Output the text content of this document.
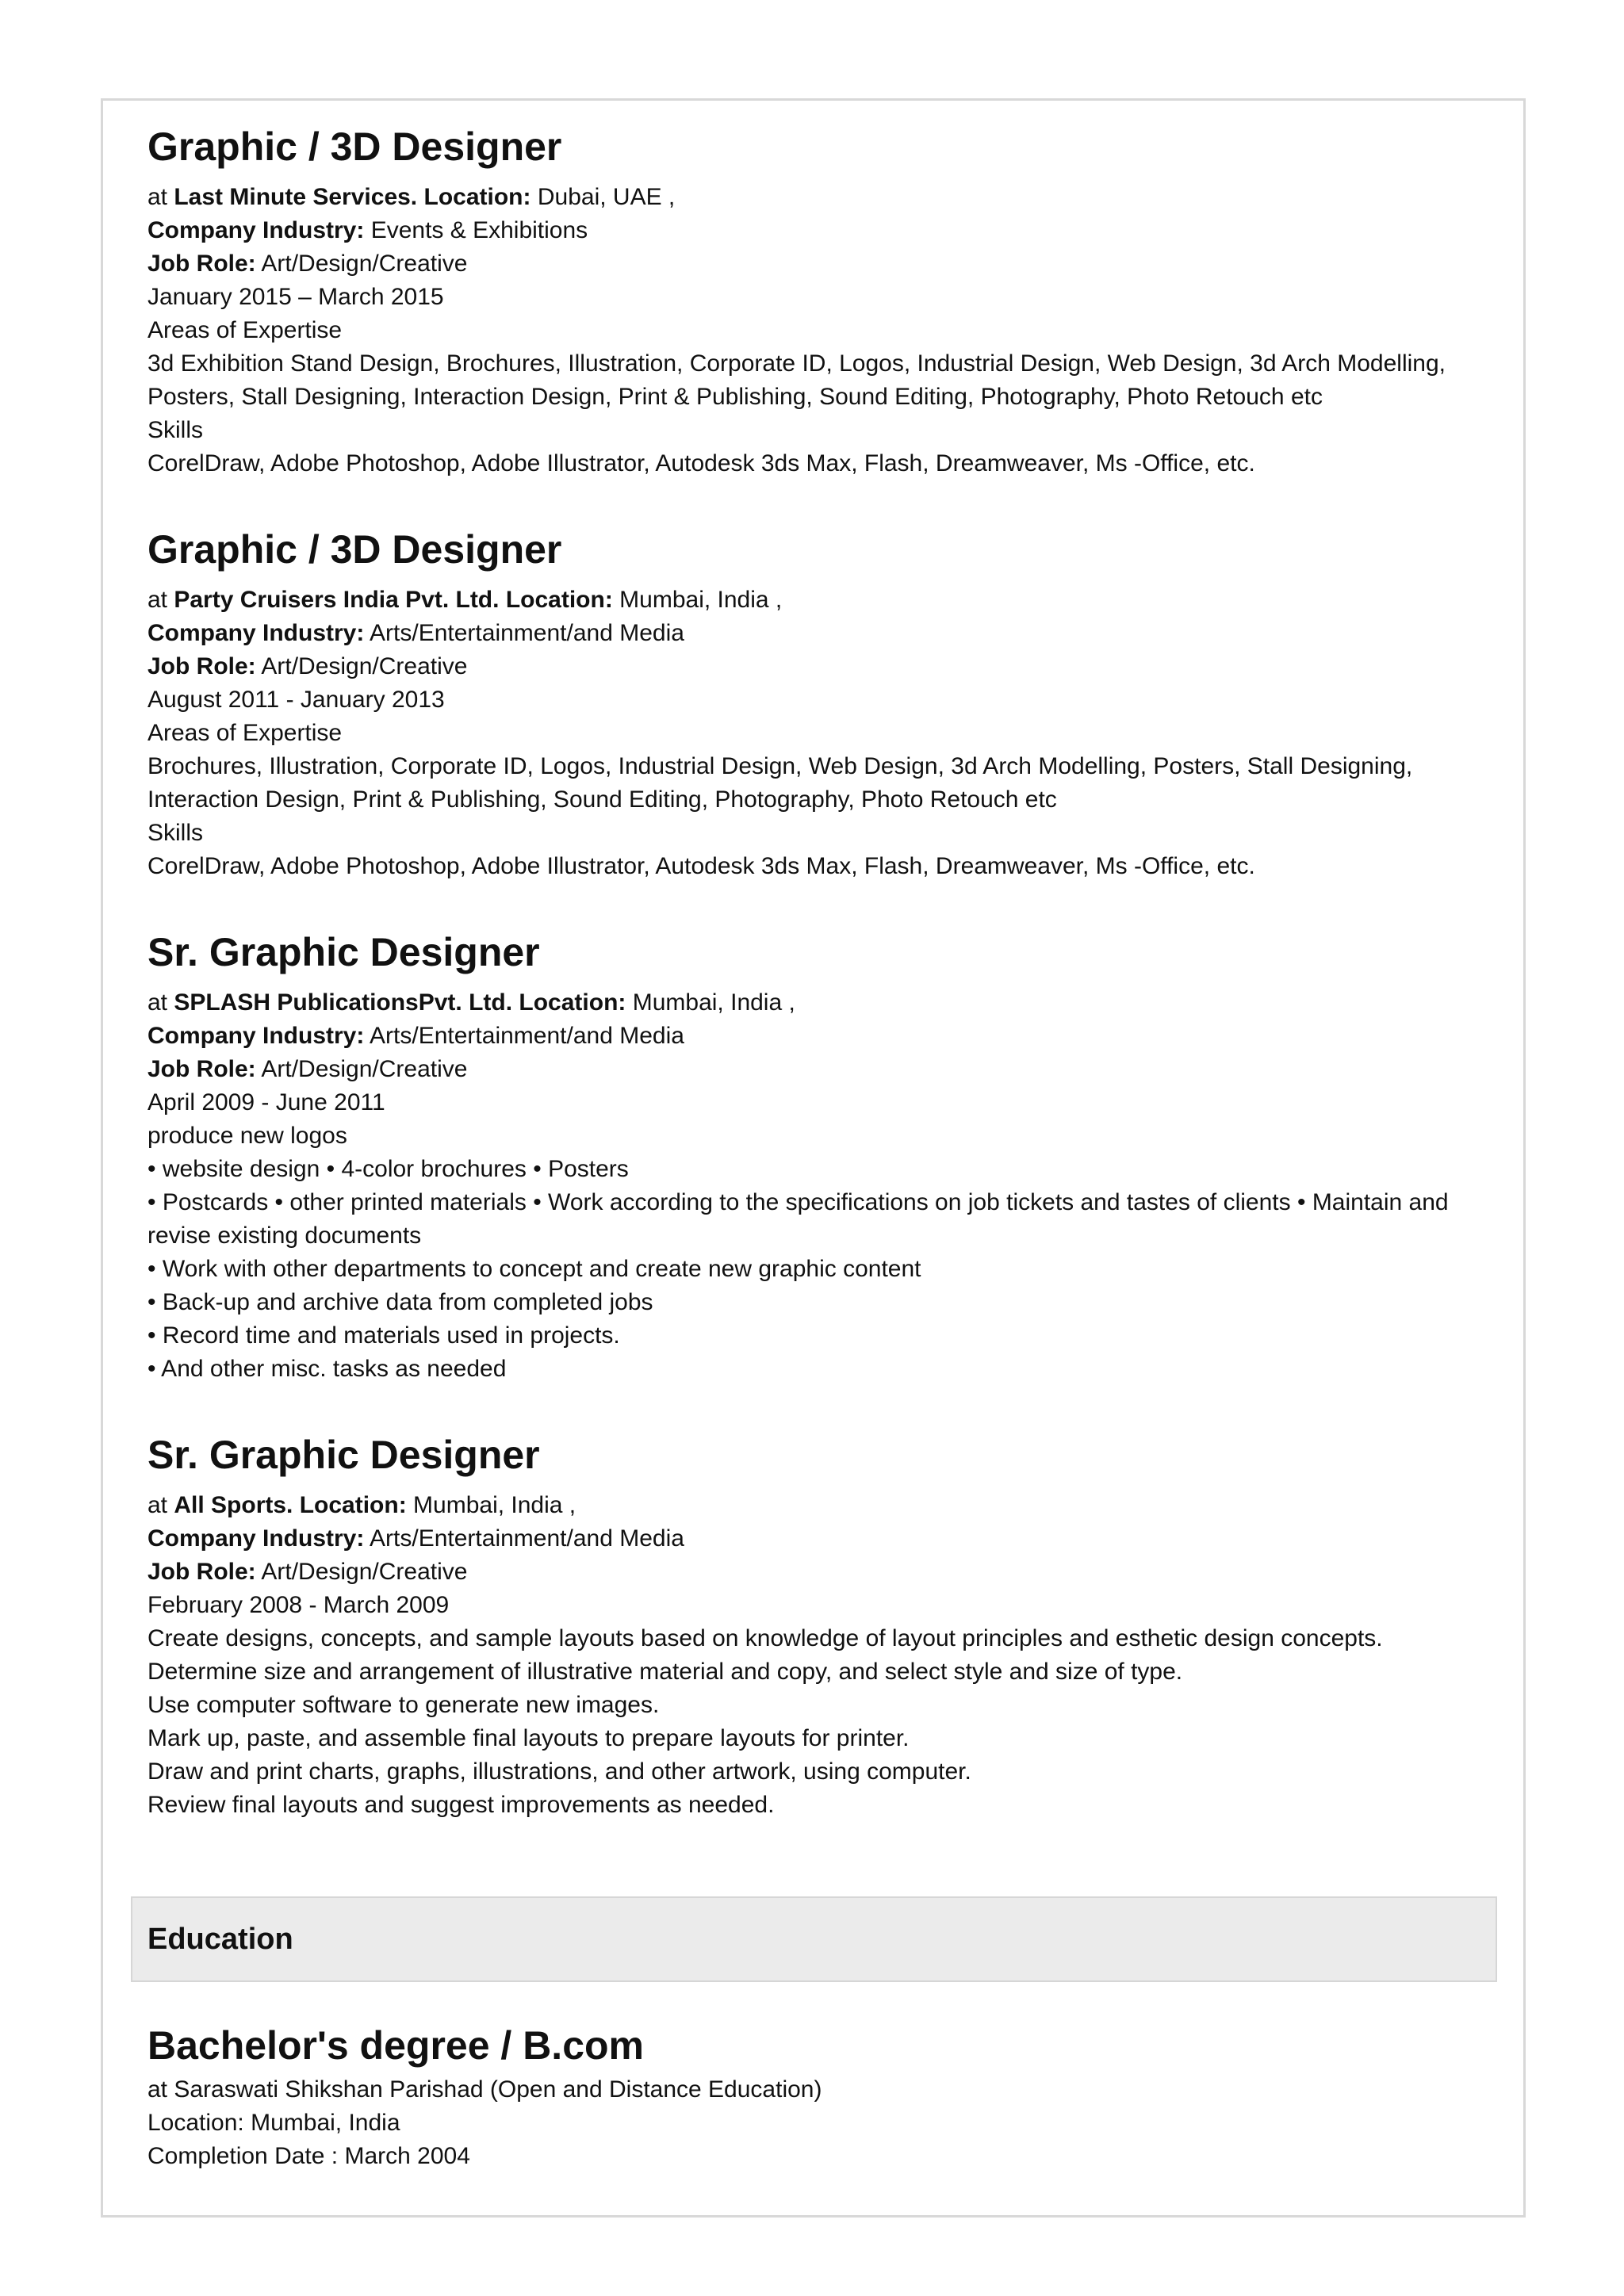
Graphic / 3D Designer

at Last Minute Services. Location: Dubai, UAE ,

Company Industry: Events & Exhibitions

Job Role: Art/Design/Creative

January 2015 – March 2015

Areas of Expertise

3d Exhibition Stand Design, Brochures, Illustration, Corporate ID, Logos, Industrial Design, Web Design, 3d Arch Modelling, Posters, Stall Designing, Interaction Design, Print & Publishing, Sound Editing, Photography, Photo Retouch etc

Skills

CorelDraw, Adobe Photoshop, Adobe Illustrator, Autodesk 3ds Max, Flash, Dreamweaver, Ms -Office, etc.

Graphic / 3D Designer

at Party Cruisers India Pvt. Ltd. Location: Mumbai, India ,

Company Industry: Arts/Entertainment/and Media

Job Role: Art/Design/Creative

August 2011 - January 2013

Areas of Expertise

Brochures, Illustration, Corporate ID, Logos, Industrial Design, Web Design, 3d Arch Modelling, Posters, Stall Designing, Interaction Design, Print & Publishing, Sound Editing, Photography, Photo Retouch etc

Skills

CorelDraw, Adobe Photoshop, Adobe Illustrator, Autodesk 3ds Max, Flash, Dreamweaver, Ms -Office, etc.

Sr. Graphic Designer

at SPLASH PublicationsPvt. Ltd. Location: Mumbai, India ,

Company Industry: Arts/Entertainment/and Media

Job Role: Art/Design/Creative

April 2009 - June 2011

produce new logos

• website design • 4-color brochures • Posters

• Postcards • other printed materials • Work according to the specifications on job tickets and tastes of clients • Maintain and revise existing documents

• Work with other departments to concept and create new graphic content

• Back-up and archive data from completed jobs

• Record time and materials used in projects.

• And other misc. tasks as needed

Sr. Graphic Designer

at All Sports. Location: Mumbai, India ,

Company Industry: Arts/Entertainment/and Media

Job Role: Art/Design/Creative

February 2008 - March 2009

Create designs, concepts, and sample layouts based on knowledge of layout principles and esthetic design concepts.

Determine size and arrangement of illustrative material and copy, and select style and size of type.

Use computer software to generate new images.

Mark up, paste, and assemble final layouts to prepare layouts for printer.

Draw and print charts, graphs, illustrations, and other artwork, using computer.

Review final layouts and suggest improvements as needed.

Education
Bachelor's degree / B.com

at Saraswati Shikshan Parishad (Open and Distance Education)

Location: Mumbai, India

Completion Date : March 2004
